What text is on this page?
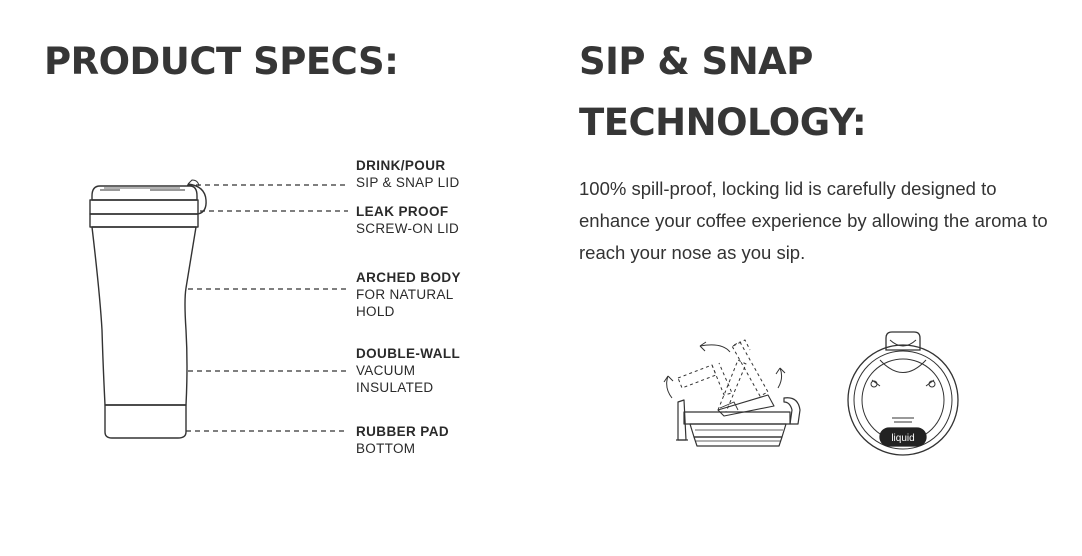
PRODUCT SPECS:	SIP & SNAP
TECHNOLOGY:

100% spill-proof, locking lid is carefully designed to enhance your coffee experience by allowing the aroma to reach your nose as you sip.

DRINK/POUR
SIP & SNAP LID
LEAK PROOF
SCREW-ON LID
ARCHED BODY
FOR NATURAL
HOLD
DOUBLE-WALL
VACUUM
INSULATED
RUBBER PAD
BOTTOM
liquid
